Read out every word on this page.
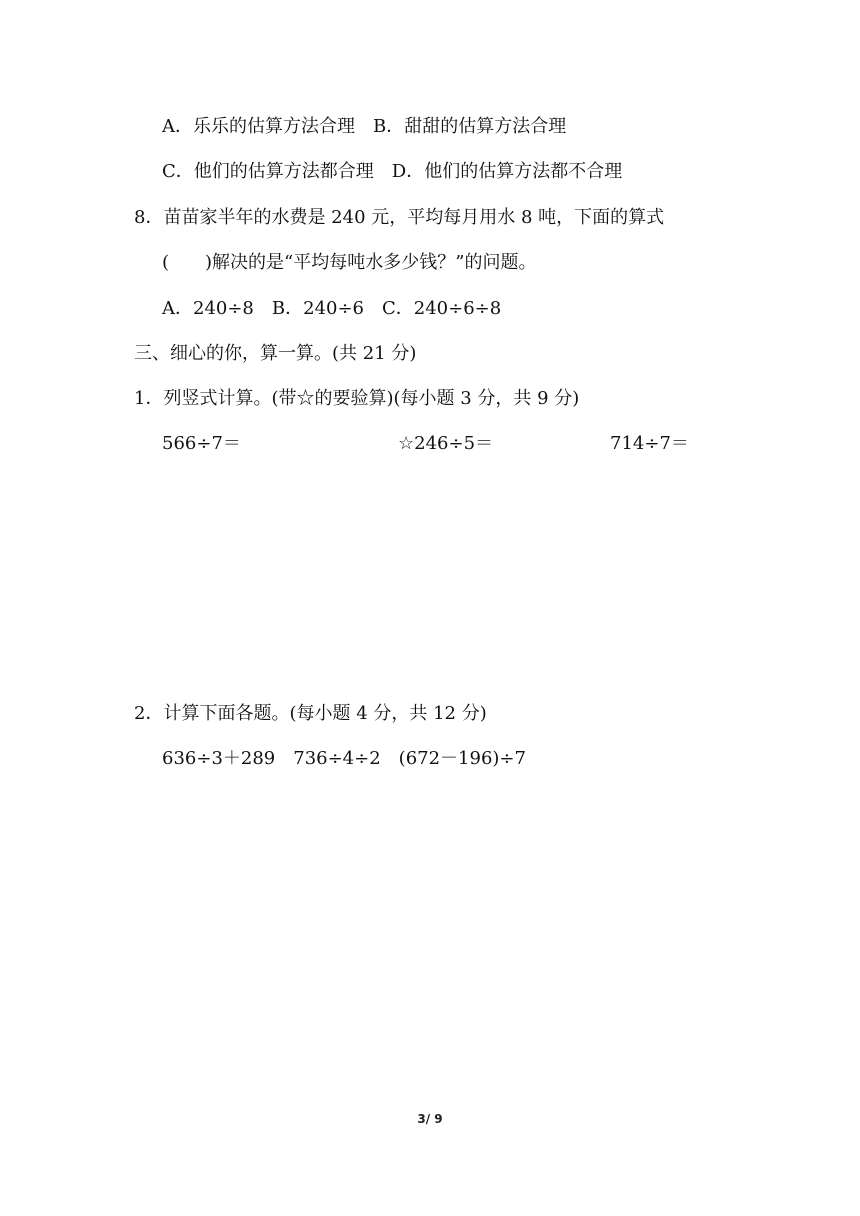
A．乐乐的估算方法合理 B．甜甜的估算方法合理
C．他们的估算方法都合理 D．他们的估算方法都不合理
8．苗苗家半年的水费是 240 元，平均每月用水 8 吨，下面的算式
(　　)解决的是“平均每吨水多少钱？”的问题。
A．240÷8　B．240÷6　C．240÷6÷8
三、细心的你，算一算。(共 21 分)
1．列竖式计算。(带☆的要验算)(每小题 3 分，共 9 分)
566÷7＝	☆246÷5＝	714÷7＝
2．计算下面各题。(每小题 4 分，共 12 分)
636÷3＋289　736÷4÷2　(672－196)÷7
3/ 9
